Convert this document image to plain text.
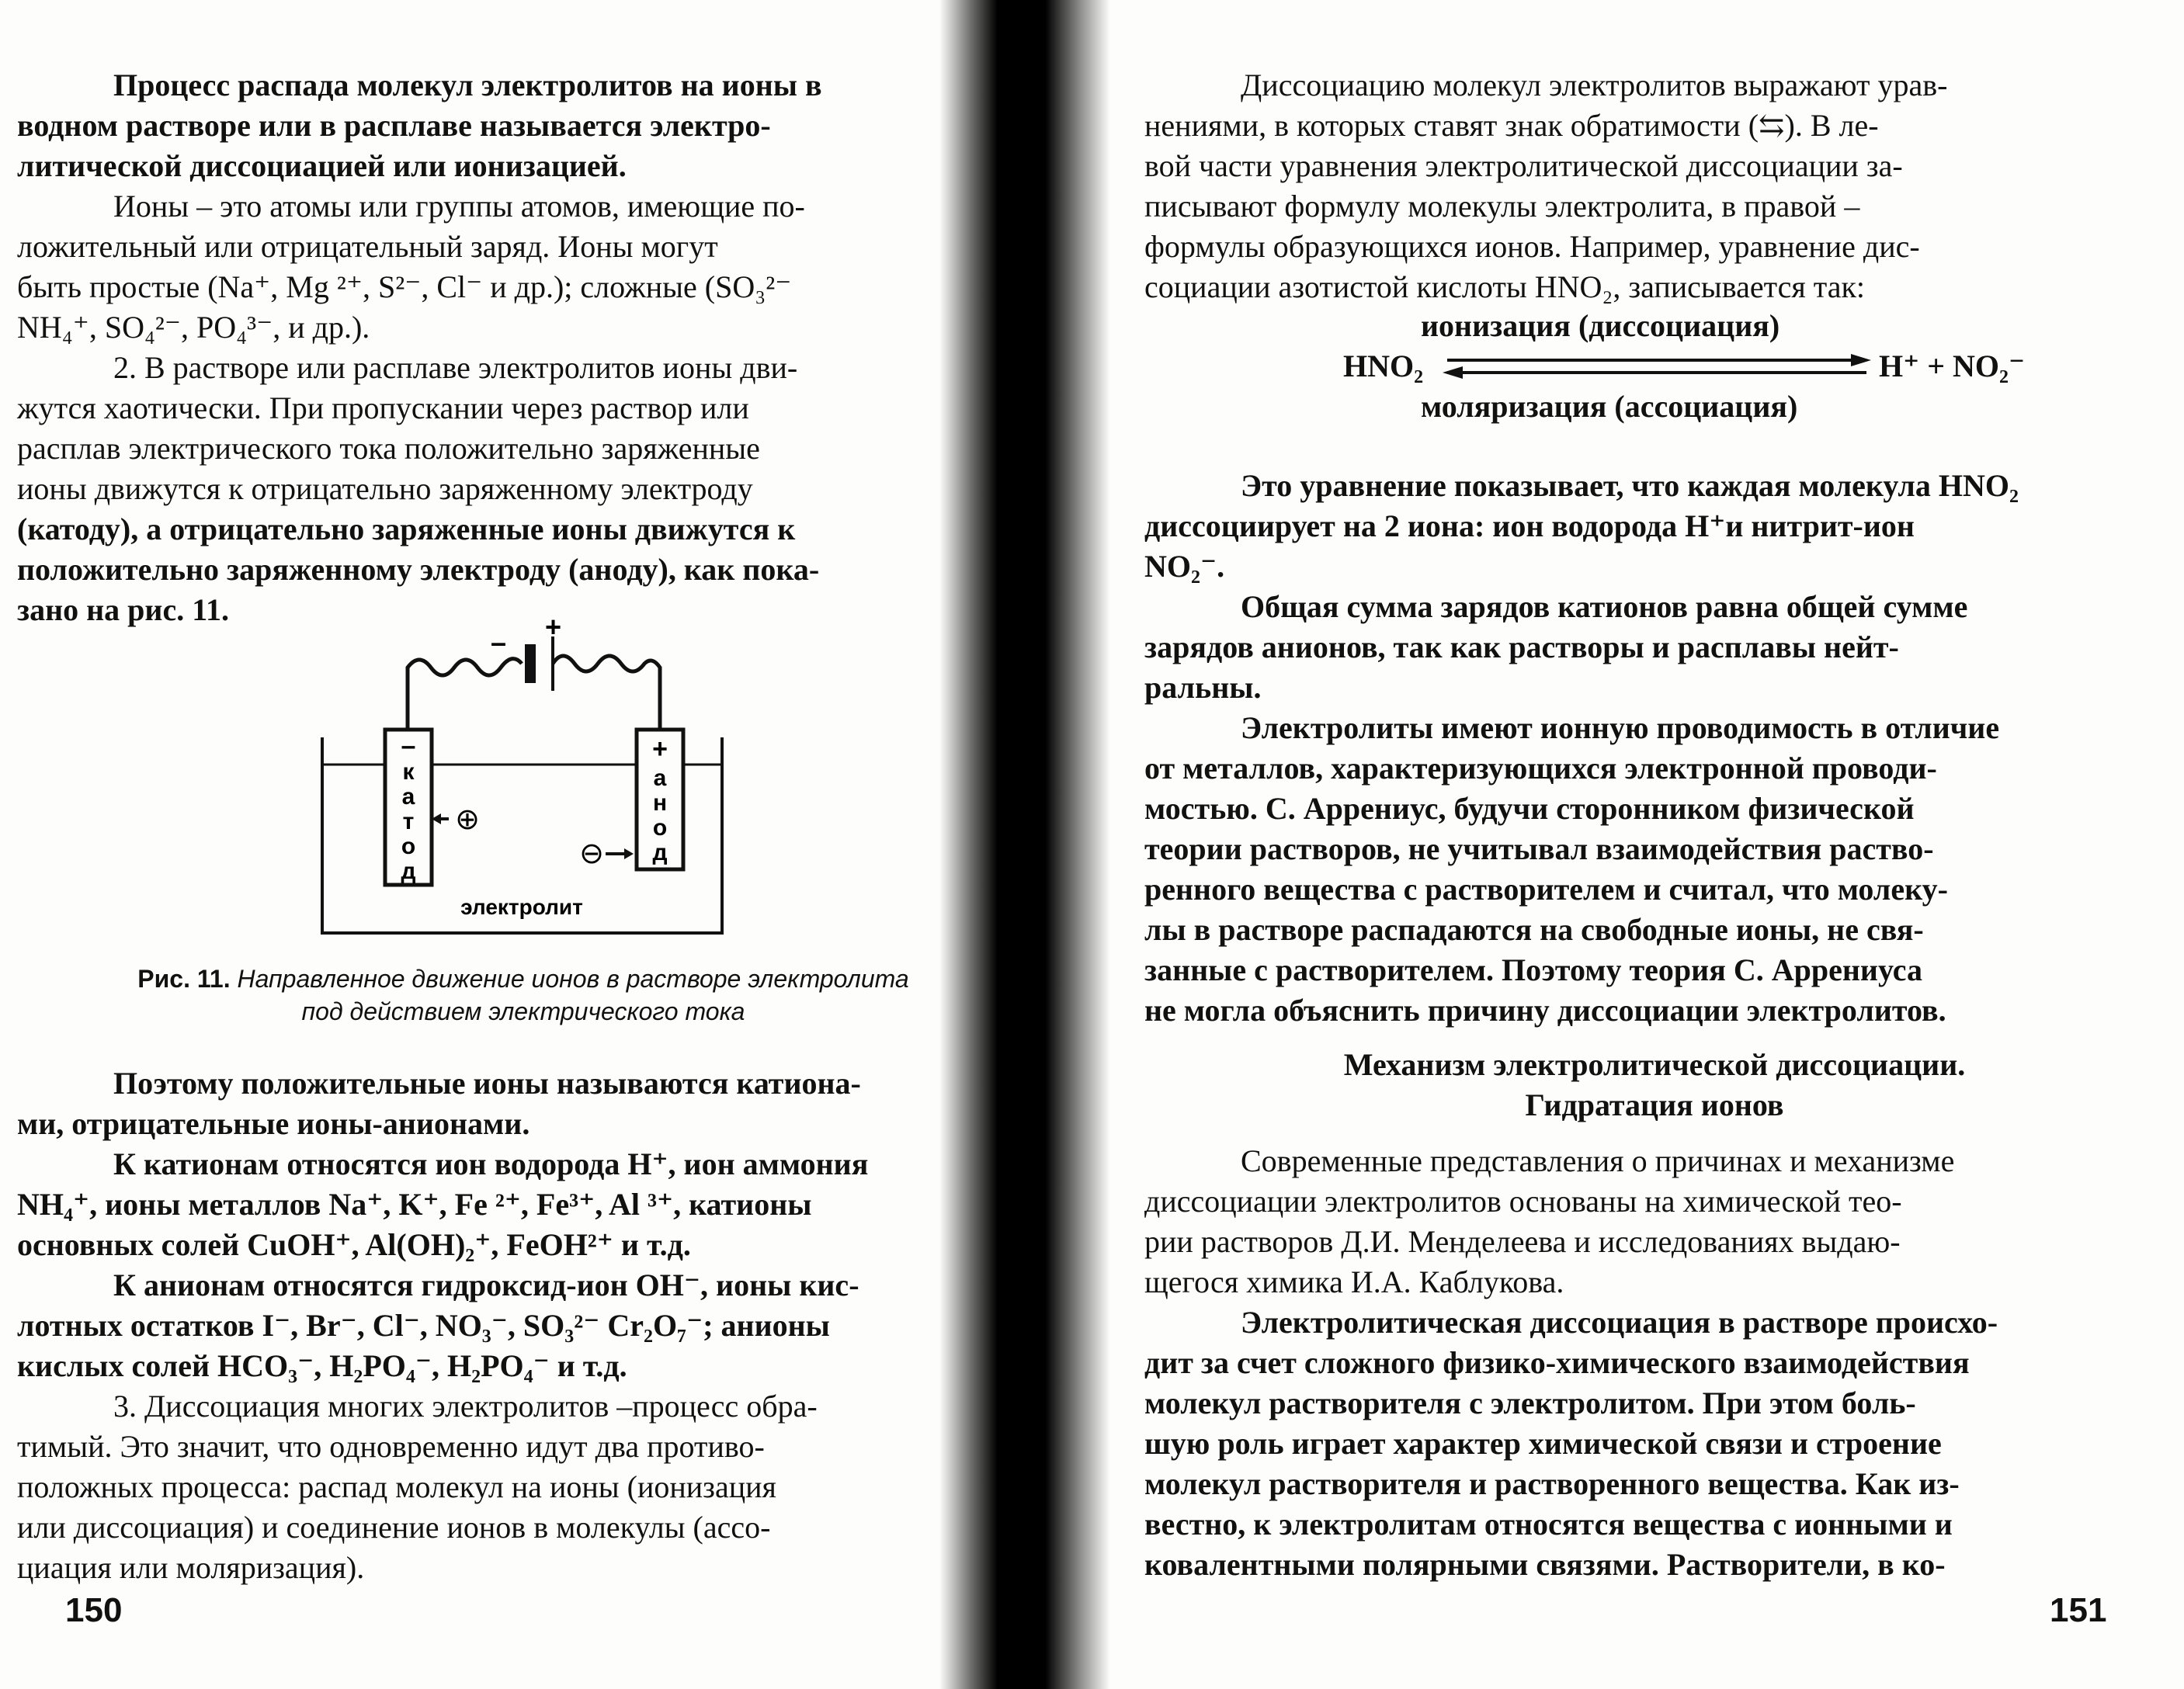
Процесс распада молекул электролитов на ионы в
водном растворе или в расплаве называется электро-
литической диссоциацией или ионизацией.

Ионы – это атомы или группы атомов, имеющие по-
ложительный или отрицательный заряд. Ионы могут
быть простые (Na⁺, Mg ²⁺, S²⁻, Cl⁻ и др.); сложные (SO₃²⁻
NH₄⁺, SO₄²⁻, PO₄³⁻, и др.).

2. В растворе или расплаве электролитов ионы дви-
жутся хаотически. При пропускании через раствор или
расплав электрического тока положительно заряженные
ионы движутся к отрицательно заряженному электроду
(катоду), а отрицательно заряженные ионы движутся к
положительно заряженному электроду (аноду), как пока-
зано на рис. 11.

– +
–
к
а
т
о
д
+
а
н
о
д
⊕
⊖
электролит
Рис. 11. Направленное движение ионов в растворе электролита
под действием электрического тока

Поэтому положительные ионы называются катиона-
ми, отрицательные ионы-анионами.

К катионам относятся ион водорода H⁺, ион аммония
NH₄⁺, ионы металлов Na⁺, K⁺, Fe ²⁺, Fe³⁺, Al ³⁺, катионы
основных солей CuOH⁺, Al(OH)₂⁺, FeOH²⁺ и т.д.

К анионам относятся гидроксид-ион OH⁻, ионы кис-
лотных остатков I⁻, Br⁻, Cl⁻, NO₃⁻, SO₃²⁻ Cr₂O₇⁻; анионы
кислых солей HCO₃⁻, H₂PO₄⁻, H₂PO₄⁻ и т.д.

3. Диссоциация многих электролитов –процесс обра-
тимый. Это значит, что одновременно идут два противо-
положных процесса: распад молекул на ионы (ионизация
или диссоциация) и соединение ионов в молекулы (ассо-
циация или моляризация).

150

Диссоциацию молекул электролитов выражают урав-
нениями, в которых ставят знак обратимости (⇆). В ле-
вой части уравнения электролитической диссоциации за-
писывают формулу молекулы электролита, в правой –
формулы образующихся ионов. Например, уравнение дис-
социации азотистой кислоты HNO₂, записывается так:

ионизация (диссоциация)
HNO₂	H⁺ + NO₂⁻
моляризация (ассоциация)

Это уравнение показывает, что каждая молекула HNO₂
диссоциирует на 2 иона: ион водорода H⁺и нитрит-ион
NO₂⁻.

Общая сумма зарядов катионов равна общей сумме
зарядов анионов, так как растворы и расплавы нейт-
ральны.

Электролиты имеют ионную проводимость в отличие
от металлов, характеризующихся электронной проводи-
мостью. С. Аррениус, будучи сторонником физической
теории растворов, не учитывал взаимодействия раство-
ренного вещества с растворителем и считал, что молеку-
лы в растворе распадаются на свободные ионы, не свя-
занные с растворителем. Поэтому теория С. Аррениуса
не могла объяснить причину диссоциации электролитов.

Механизм электролитической диссоциации.
Гидратация ионов

Современные представления о причинах и механизме
диссоциации электролитов основаны на химической тео-
рии растворов Д.И. Менделеева и исследованиях выдаю-
щегося химика И.А. Каблукова.

Электролитическая диссоциация в растворе происхо-
дит за счет сложного физико-химического взаимодействия
молекул растворителя с электролитом. При этом боль-
шую роль играет характер химической связи и строение
молекул растворителя и растворенного вещества. Как из-
вестно, к электролитам относятся вещества с ионными и
ковалентными полярными связями. Растворители, в ко-

151
